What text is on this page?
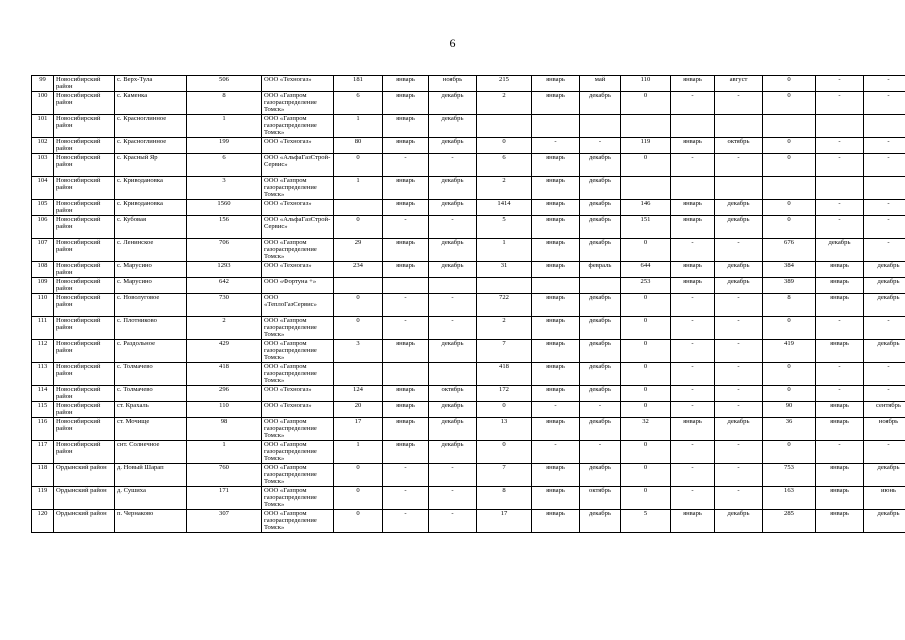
6
99	Новосибирский район	с. Верх-Тула	506	ООО «Техногаз»	181	январь	ноябрь	215	январь	май	110	январь	август	0	-	-
100	Новосибирский район	с. Каменка	8	ООО «Газпром газораспределение Томск»	6	январь	декабрь	2	январь	декабрь	0	-	-	0	-	-
101	Новосибирский район	с. Красноглинное	1	ООО «Газпром газораспределение Томск»	1	январь	декабрь									
102	Новосибирский район	с. Красноглинное	199	ООО «Техногаз»	80	январь	декабрь	0	-	-	119	январь	октябрь	0	-	-
103	Новосибирский район	с. Красный Яр	6	ООО «АльфаГазСтрой-Сервис»	0	-	-	6	январь	декабрь	0	-	-	0	-	-
104	Новосибирский район	с. Криводановка	3	ООО «Газпром газораспределение Томск»	1	январь	декабрь	2	январь	декабрь						
105	Новосибирский район	с. Криводановка	1560	ООО «Техногаз»		январь	декабрь	1414	январь	декабрь	146	январь	декабрь	0	-	-
106	Новосибирский район	с. Кубовая	156	ООО «АльфаГазСтрой-Сервис»	0	-	-	5	январь	декабрь	151	январь	декабрь	0	-	-
107	Новосибирский район	с. Ленинское	706	ООО «Газпром газораспределение Томск»	29	январь	декабрь	1	январь	декабрь	0	-	-	676	декабрь	-
108	Новосибирский район	с. Марусино	1293	ООО «Техногаз»	234	январь	декабрь	31	январь	февраль	644	январь	декабрь	384	январь	декабрь
109	Новосибирский район	с. Марусино	642	ООО «Фортуна +»							253	январь	декабрь	389	январь	декабрь
110	Новосибирский район	с. Новолуговое	730	ООО «ТеплоГазСервис»	0	-	-	722	январь	декабрь	0	-	-	8	январь	декабрь
111	Новосибирский район	с. Плотниково	2	ООО «Газпром газораспределение Томск»	0	-	-	2	январь	декабрь	0	-	-	0	-	-
112	Новосибирский район	с. Раздольное	429	ООО «Газпром газораспределение Томск»	3	январь	декабрь	7	январь	декабрь	0	-	-	419	январь	декабрь
113	Новосибирский район	с. Толмачево	418	ООО «Газпром газораспределение Томск»				418	январь	декабрь	0	-	-	0	-	-
114	Новосибирский район	с. Толмачево	296	ООО «Техногаз»	124	январь	октябрь	172	январь	декабрь	0	-	-	0	-	-
115	Новосибирский район	ст. Крахаль	110	ООО «Техногаз»	20	январь	декабрь	0	-	-	0	-	-	90	январь	сентябрь
116	Новосибирский район	ст. Мочище	98	ООО «Газпром газораспределение Томск»	17	январь	декабрь	13	январь	декабрь	32	январь	декабрь	36	январь	ноябрь
117	Новосибирский район	снт. Солнечное	1	ООО «Газпром газораспределение Томск»	1	январь	декабрь	0	-	-	0	-	-	0	-	-
118	Ордынский район	д. Новый Шарап	760	ООО «Газпром газораспределение Томск»	0	-	-	7	январь	декабрь	0	-	-	753	январь	декабрь
119	Ордынский район	д. Сушиха	171	ООО «Газпром газораспределение Томск»	0	-	-	8	январь	октябрь	0	-	-	163	январь	июнь
120	Ордынский район	п. Чернаково	307	ООО «Газпром газораспределение Томск»	0	-	-	17	январь	декабрь	5	январь	декабрь	285	январь	декабрь
